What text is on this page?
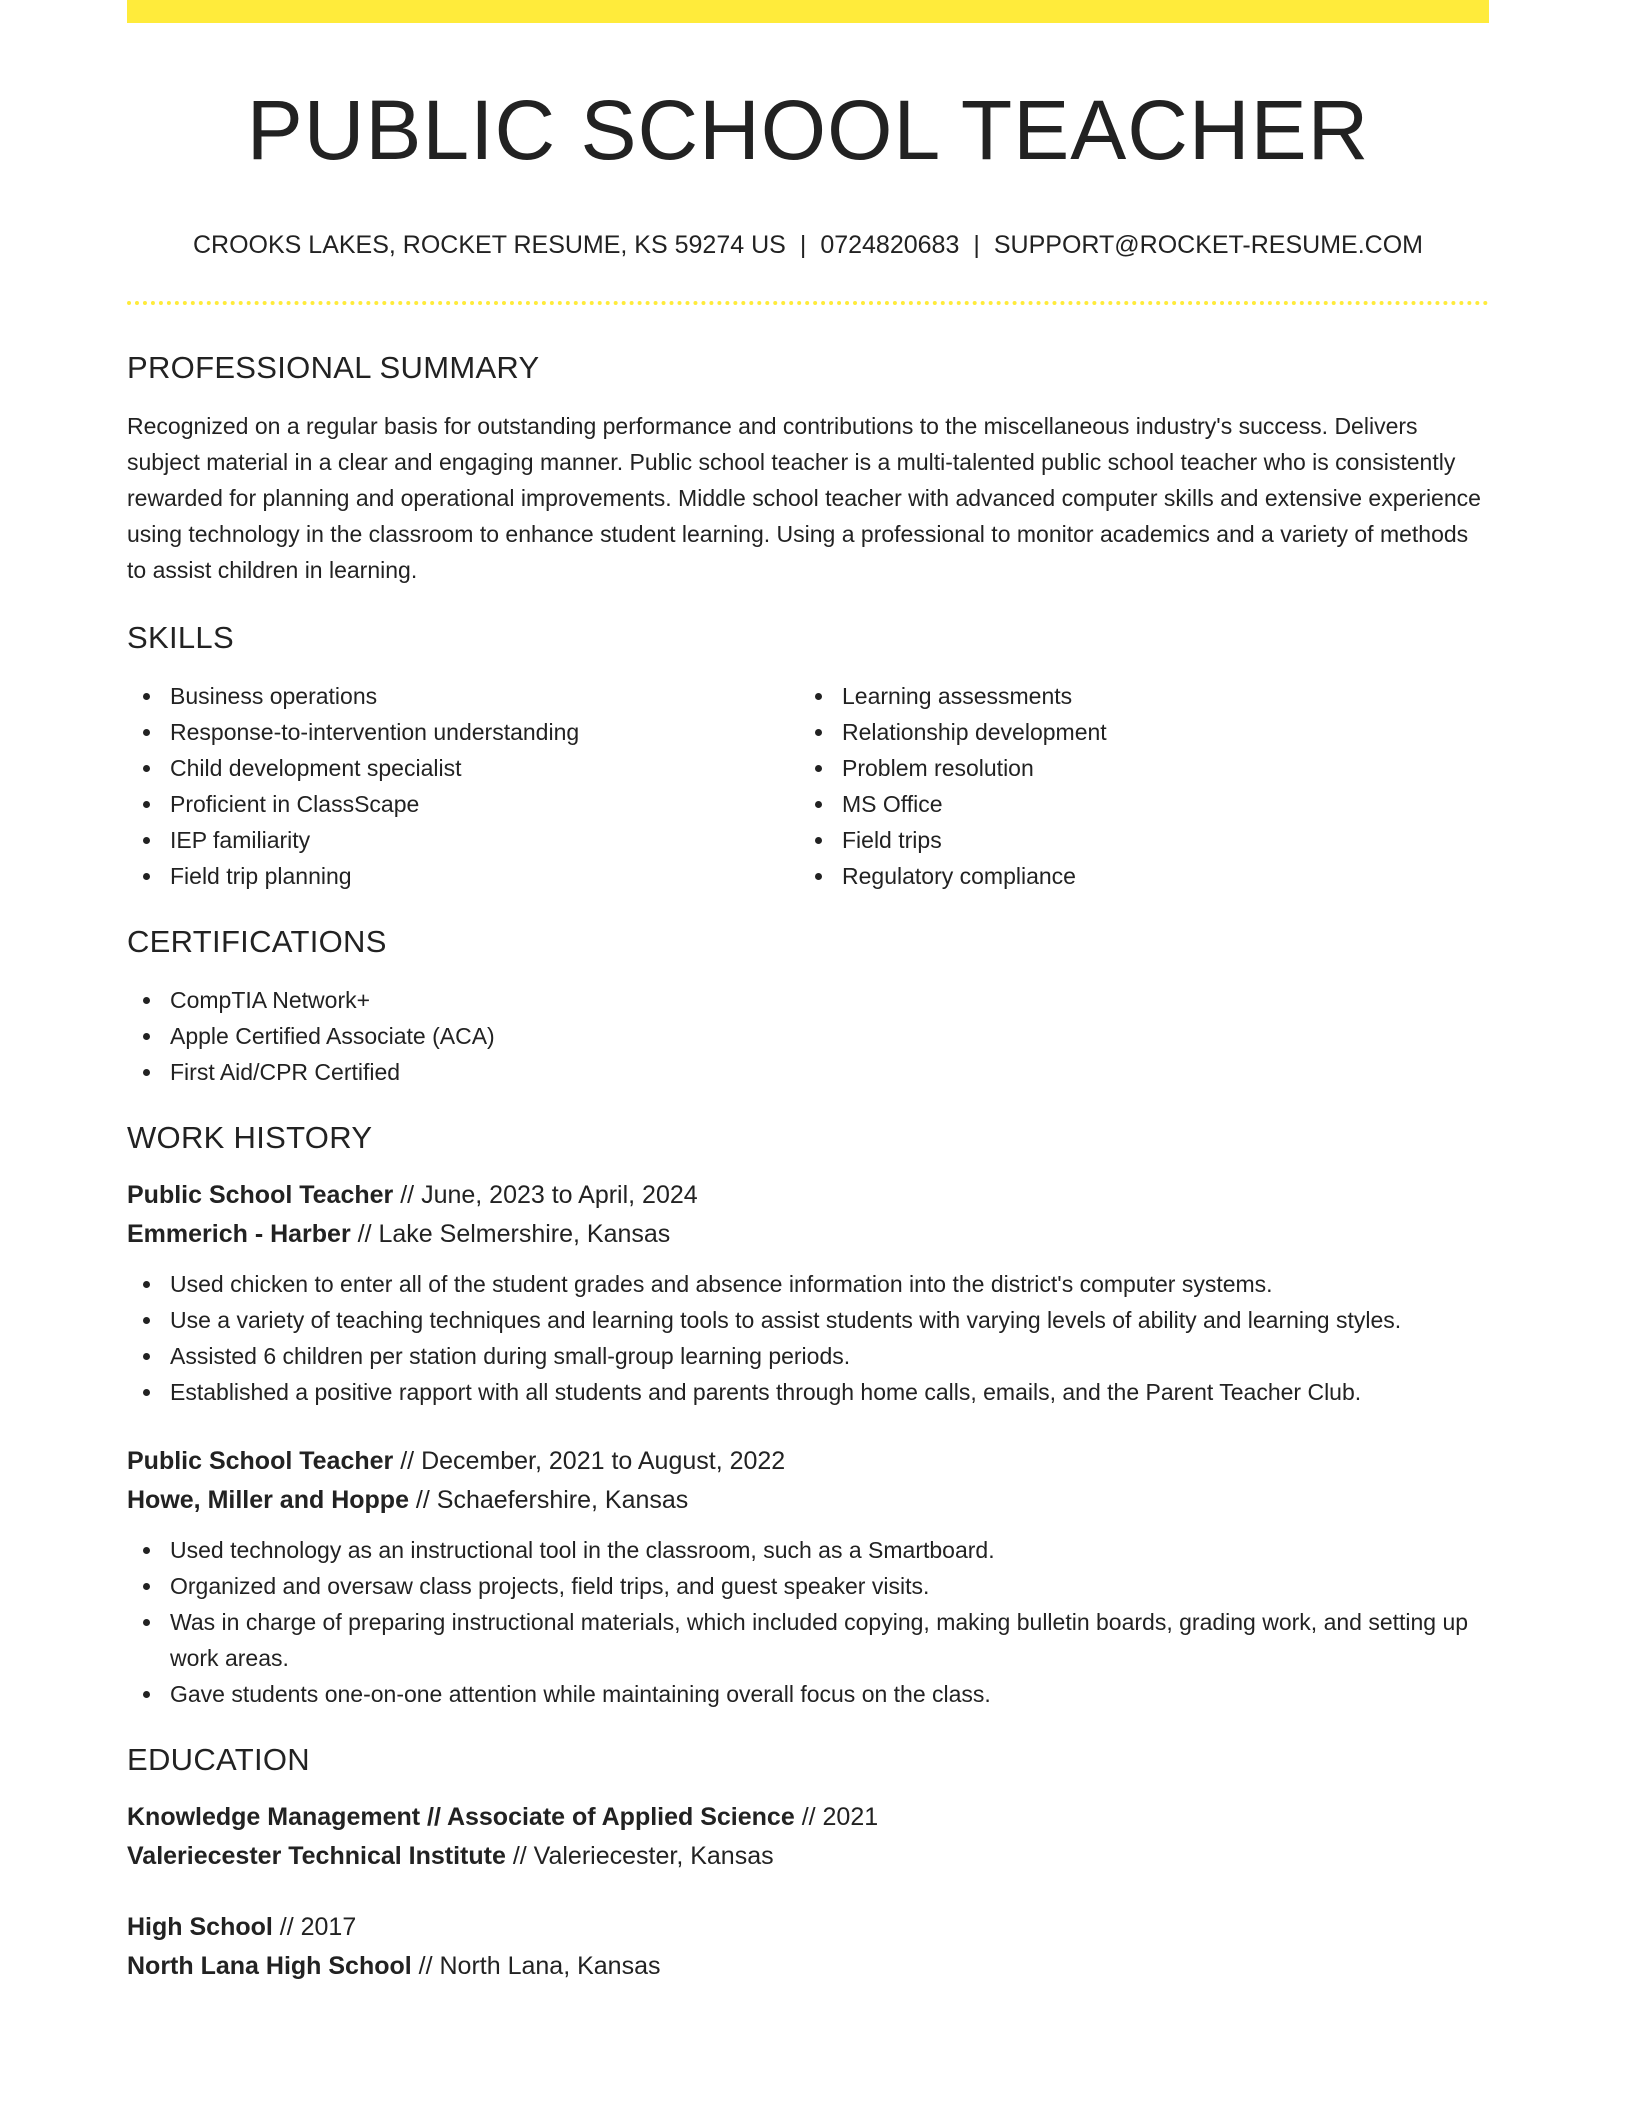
PUBLIC SCHOOL TEACHER
CROOKS LAKES, ROCKET RESUME, KS 59274 US | 0724820683 | SUPPORT@ROCKET-RESUME.COM
PROFESSIONAL SUMMARY

Recognized on a regular basis for outstanding performance and contributions to the miscellaneous industry's success. Delivers subject material in a clear and engaging manner. Public school teacher is a multi-talented public school teacher who is consistently rewarded for planning and operational improvements. Middle school teacher with advanced computer skills and extensive experience using technology in the classroom to enhance student learning. Using a professional to monitor academics and a variety of methods to assist children in learning.

SKILLS
Business operations
Response-to-intervention understanding
Child development specialist
Proficient in ClassScape
IEP familiarity
Field trip planning
Learning assessments
Relationship development
Problem resolution
MS Office
Field trips
Regulatory compliance
CERTIFICATIONS
CompTIA Network+
Apple Certified Associate (ACA)
First Aid/CPR Certified
WORK HISTORY
Public School Teacher // June, 2023 to April, 2024
Emmerich - Harber // Lake Selmershire, Kansas
Used chicken to enter all of the student grades and absence information into the district's computer systems.
Use a variety of teaching techniques and learning tools to assist students with varying levels of ability and learning styles.
Assisted 6 children per station during small-group learning periods.
Established a positive rapport with all students and parents through home calls, emails, and the Parent Teacher Club.
Public School Teacher // December, 2021 to August, 2022
Howe, Miller and Hoppe // Schaefershire, Kansas
Used technology as an instructional tool in the classroom, such as a Smartboard.
Organized and oversaw class projects, field trips, and guest speaker visits.
Was in charge of preparing instructional materials, which included copying, making bulletin boards, grading work, and setting up work areas.
Gave students one-on-one attention while maintaining overall focus on the class.
EDUCATION
Knowledge Management // Associate of Applied Science // 2021
Valeriecester Technical Institute // Valeriecester, Kansas
High School // 2017
North Lana High School // North Lana, Kansas
